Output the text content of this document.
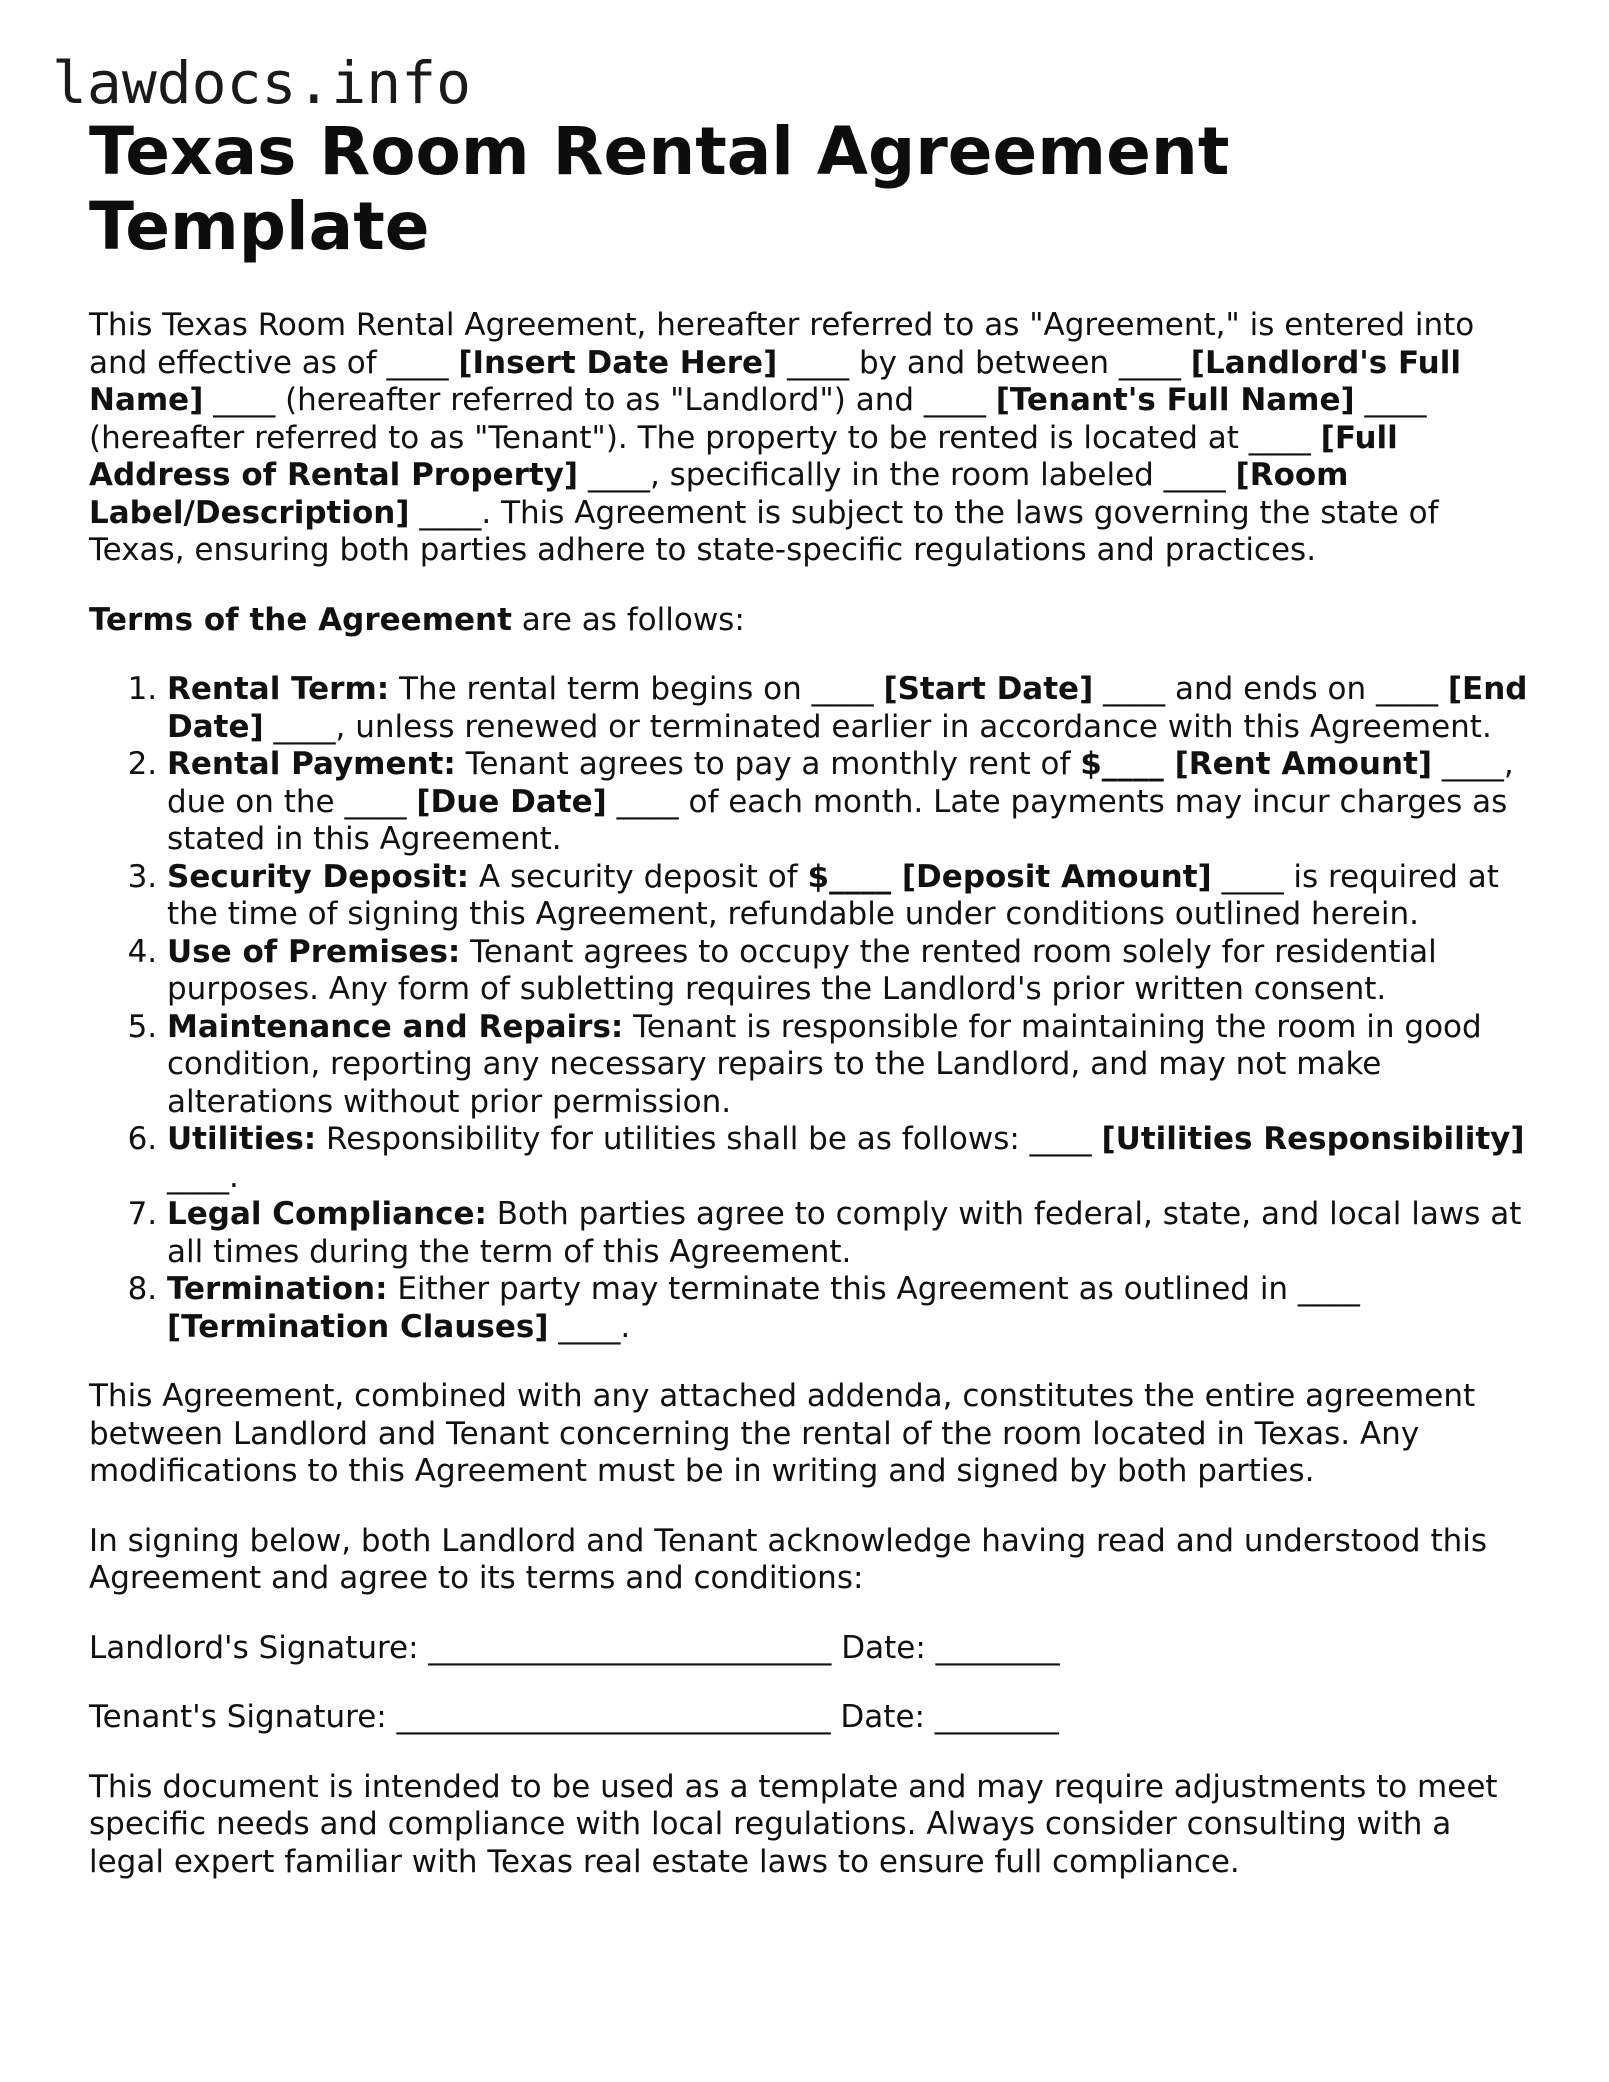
lawdocs.info
Texas Room Rental Agreement Template

This Texas Room Rental Agreement, hereafter referred to as "Agreement," is entered into and effective as of ____ [Insert Date Here] ____ by and between ____ [Landlord's Full Name] ____ (hereafter referred to as "Landlord") and ____ [Tenant's Full Name] ____ (hereafter referred to as "Tenant"). The property to be rented is located at ____ [Full Address of Rental Property] ____, specifically in the room labeled ____ [Room Label/Description] ____. This Agreement is subject to the laws governing the state of Texas, ensuring both parties adhere to state-specific regulations and practices.

Terms of the Agreement are as follows:

1. Rental Term: The rental term begins on ____ [Start Date] ____ and ends on ____ [End Date] ____, unless renewed or terminated earlier in accordance with this Agreement.
2. Rental Payment: Tenant agrees to pay a monthly rent of $____ [Rent Amount] ____, due on the ____ [Due Date] ____ of each month. Late payments may incur charges as stated in this Agreement.
3. Security Deposit: A security deposit of $____ [Deposit Amount] ____ is required at the time of signing this Agreement, refundable under conditions outlined herein.
4. Use of Premises: Tenant agrees to occupy the rented room solely for residential purposes. Any form of subletting requires the Landlord's prior written consent.
5. Maintenance and Repairs: Tenant is responsible for maintaining the room in good condition, reporting any necessary repairs to the Landlord, and may not make alterations without prior permission.
6. Utilities: Responsibility for utilities shall be as follows: ____ [Utilities Responsibility] ____.
7. Legal Compliance: Both parties agree to comply with federal, state, and local laws at all times during the term of this Agreement.
8. Termination: Either party may terminate this Agreement as outlined in ____ [Termination Clauses] ____.

This Agreement, combined with any attached addenda, constitutes the entire agreement between Landlord and Tenant concerning the rental of the room located in Texas. Any modifications to this Agreement must be in writing and signed by both parties.

In signing below, both Landlord and Tenant acknowledge having read and understood this Agreement and agree to its terms and conditions:

Landlord's Signature: __________________________ Date: ________

Tenant's Signature: ____________________________ Date: ________

This document is intended to be used as a template and may require adjustments to meet specific needs and compliance with local regulations. Always consider consulting with a legal expert familiar with Texas real estate laws to ensure full compliance.
